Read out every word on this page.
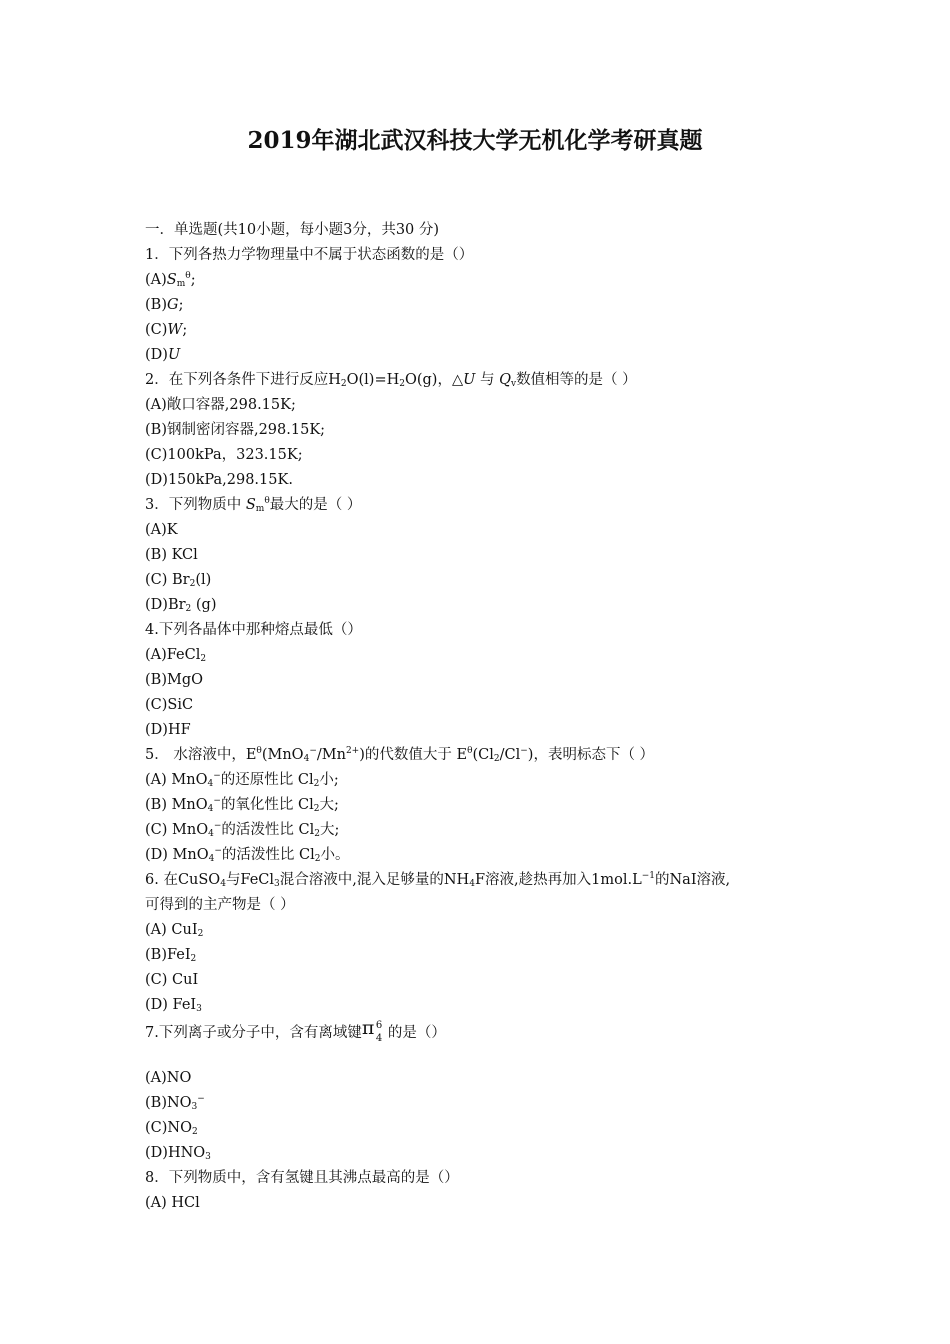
2019年湖北武汉科技大学无机化学考研真题
一．单选题(共10小题，每小题3分，共30 分)
1．下列各热力学物理量中不属于状态函数的是（）
$(A)S_m^\theta$;
(B)G;
(C)W;
(D)U
2．在下列各条件下进行反应$H_2O(l)=H_2O(g)$，△U 与 $Q_v$数值相等的是（ ）
(A)敞口容器,298.15K;
(B)钢制密闭容器,298.15K;
(C)100kPa，323.15K;
(D)150kPa,298.15K.
3．下列物质中 $S_m^\theta$最大的是（ ）
(A)K
(B) KCl
(C) $Br_2(l)$
$(D)Br_2$ (g)
4.下列各晶体中那种熔点最低（）
(A)FeCl$_2$
(B)MgO
(C)SiC
(D)HF
5． 水溶液中，$E^\theta(MnO_4^-/Mn^{2+})$的代数值大于 $E^\theta(Cl_2/Cl^-)$，表明标态下（ ）
(A) MnO$_4$−的还原性比 $Cl_2$小;
(B) MnO$_4$−的氧化性比 $Cl_2$大;
(C) MnO$_4$−的活泼性比 $Cl_2$大;
(D) MnO$_4$−的活泼性比 $Cl_2$小。
6. 在CuSO$_4$与FeCl$_3$混合溶液中,混入足够量的$NH_4F$溶液,趁热再加入$1mol.L^{-1}$的NaI溶液,
可得到的主产物是（ ）
(A) CuI$_2$
(B)FeI$_2$
(C) CuI
(D) FeI$_3$
7.下列离子或分子中，含有离域键 π 6
4 的是（）
(A)NO
$(B)NO_3^-$
$(C)NO_2$
$(D)HNO_3$
8．下列物质中，含有氢键且其沸点最高的是（）
(A) HCl
